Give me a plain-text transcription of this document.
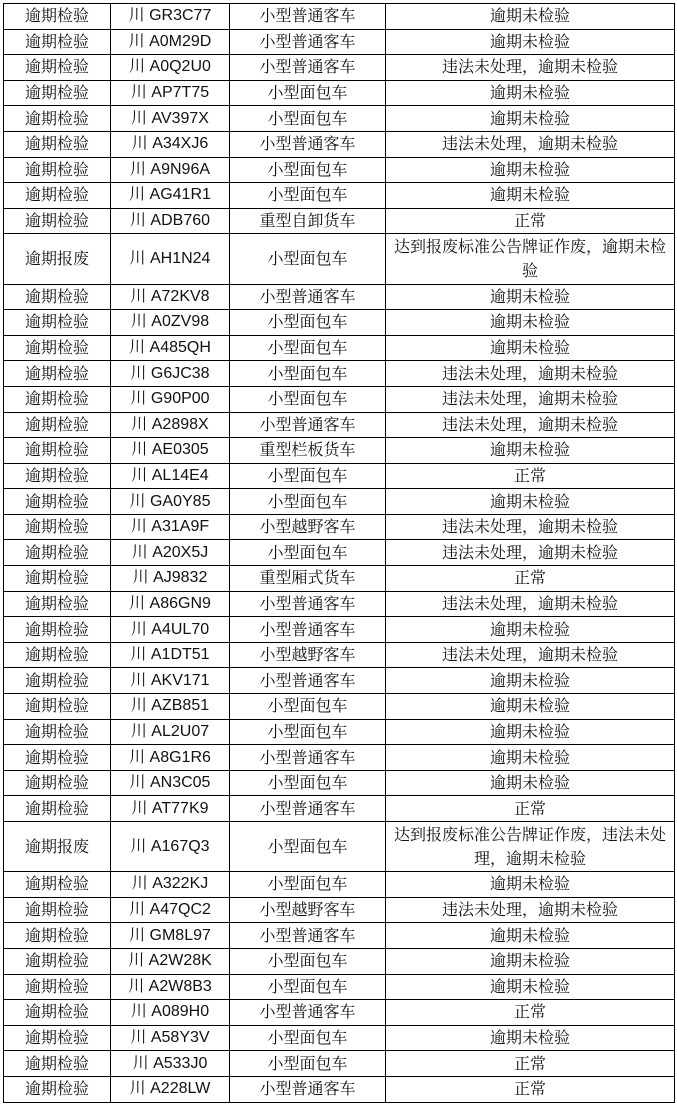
逾期检验	川 GR3C77	小型普通客车	逾期未检验
逾期检验	川 A0M29D	小型普通客车	逾期未检验
逾期检验	川 A0Q2U0	小型普通客车	违法未处理，逾期未检验
逾期检验	川 AP7T75	小型面包车	逾期未检验
逾期检验	川 AV397X	小型面包车	逾期未检验
逾期检验	川 A34XJ6	小型普通客车	违法未处理，逾期未检验
逾期检验	川 A9N96A	小型面包车	逾期未检验
逾期检验	川 AG41R1	小型面包车	逾期未检验
逾期检验	川 ADB760	重型自卸货车	正常
逾期报废	川 AH1N24	小型面包车	达到报废标准公告牌证作废，逾期未检验
逾期检验	川 A72KV8	小型普通客车	逾期未检验
逾期检验	川 A0ZV98	小型面包车	逾期未检验
逾期检验	川 A485QH	小型面包车	逾期未检验
逾期检验	川 G6JC38	小型面包车	违法未处理，逾期未检验
逾期检验	川 G90P00	小型面包车	违法未处理，逾期未检验
逾期检验	川 A2898X	小型普通客车	违法未处理，逾期未检验
逾期检验	川 AE0305	重型栏板货车	逾期未检验
逾期检验	川 AL14E4	小型面包车	正常
逾期检验	川 GA0Y85	小型面包车	逾期未检验
逾期检验	川 A31A9F	小型越野客车	违法未处理，逾期未检验
逾期检验	川 A20X5J	小型面包车	违法未处理，逾期未检验
逾期检验	川 AJ9832	重型厢式货车	正常
逾期检验	川 A86GN9	小型普通客车	违法未处理，逾期未检验
逾期检验	川 A4UL70	小型普通客车	逾期未检验
逾期检验	川 A1DT51	小型越野客车	违法未处理，逾期未检验
逾期检验	川 AKV171	小型普通客车	逾期未检验
逾期检验	川 AZB851	小型面包车	逾期未检验
逾期检验	川 AL2U07	小型面包车	逾期未检验
逾期检验	川 A8G1R6	小型普通客车	逾期未检验
逾期检验	川 AN3C05	小型面包车	逾期未检验
逾期检验	川 AT77K9	小型普通客车	正常
逾期报废	川 A167Q3	小型面包车	达到报废标准公告牌证作废，违法未处理，逾期未检验
逾期检验	川 A322KJ	小型面包车	逾期未检验
逾期检验	川 A47QC2	小型越野客车	违法未处理，逾期未检验
逾期检验	川 GM8L97	小型普通客车	逾期未检验
逾期检验	川 A2W28K	小型面包车	逾期未检验
逾期检验	川 A2W8B3	小型面包车	逾期未检验
逾期检验	川 A089H0	小型普通客车	正常
逾期检验	川 A58Y3V	小型面包车	逾期未检验
逾期检验	川 A533J0	小型面包车	正常
逾期检验	川 A228LW	小型普通客车	正常
